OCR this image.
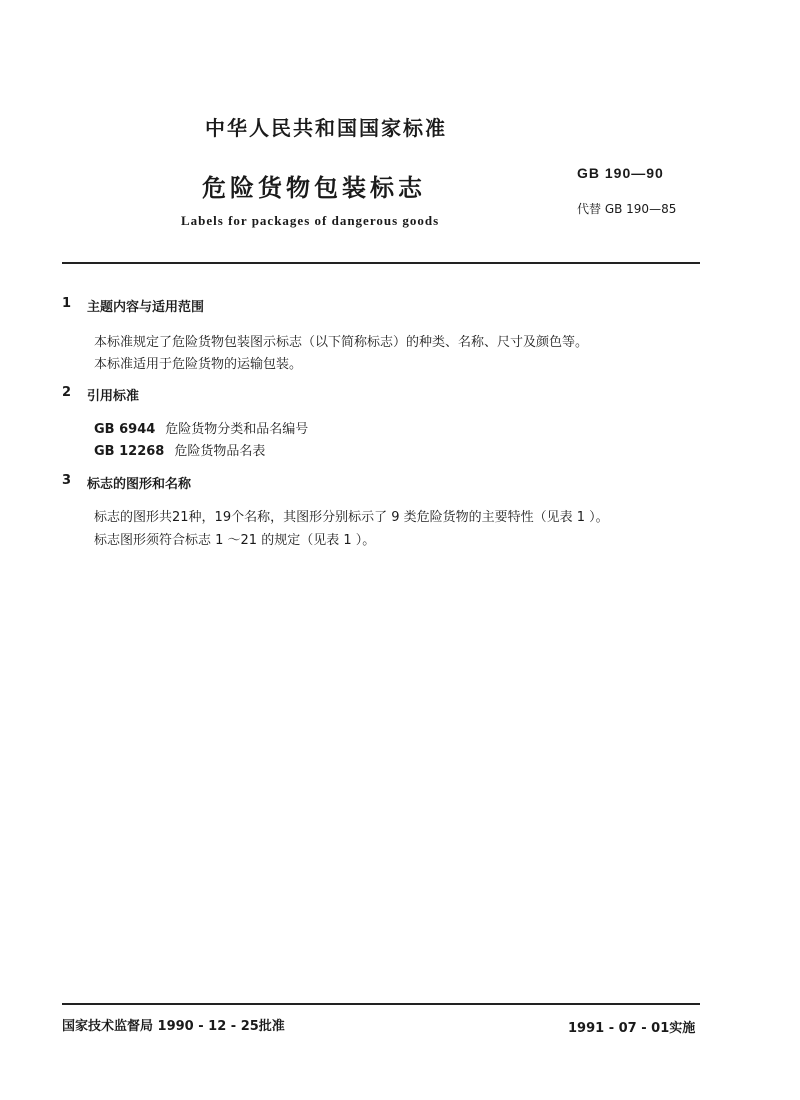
中华人民共和国国家标准
危险货物包装标志
Labels for packages of dangerous goods
GB 190—90
代替 GB 190—85
1 主题内容与适用范围
本标准规定了危险货物包装图示标志（以下简称标志）的种类、名称、尺寸及颜色等。
本标准适用于危险货物的运输包装。
2 引用标准
GB 6944 危险货物分类和品名编号
GB 12268 危险货物品名表
3 标志的图形和名称
标志的图形共21种，19个名称，其图形分别标示了 9 类危险货物的主要特性（见表 1 ）。
标志图形须符合标志 1 ～21 的规定（见表 1 ）。
国家技术监督局 1990 - 12 - 25批准	1991 - 07 - 01实施
